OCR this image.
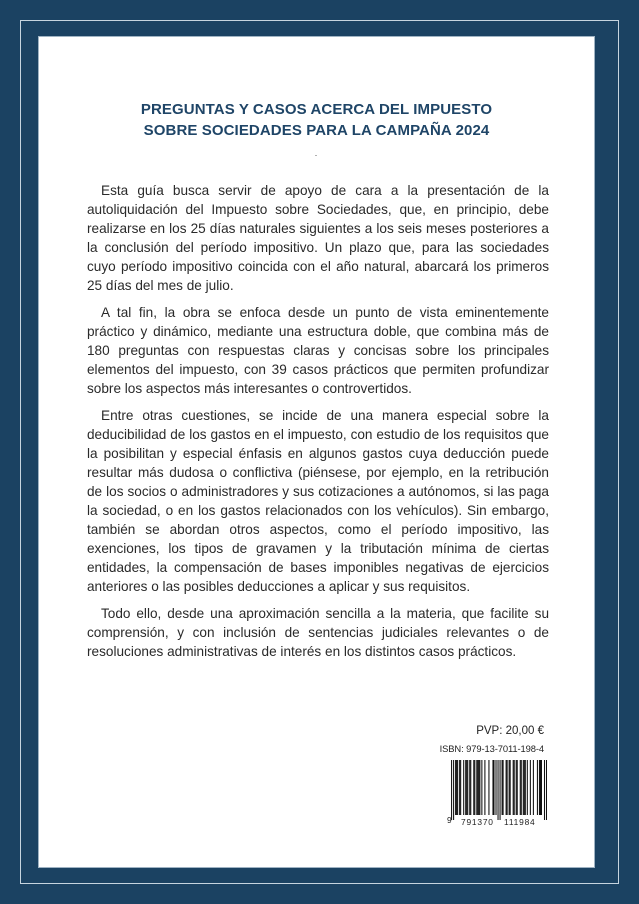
PREGUNTAS Y CASOS ACERCA DEL IMPUESTO
SOBRE SOCIEDADES PARA LA CAMPAÑA 2024

Esta guía busca servir de apoyo de cara a la presentación de la autoliquidación del Impuesto sobre Sociedades, que, en principio, debe realizarse en los 25 días naturales siguientes a los seis meses posteriores a la conclusión del período impositivo. Un plazo que, para las sociedades cuyo período impositivo coincida con el año natural, abarcará los primeros 25 días del mes de julio.

A tal fin, la obra se enfoca desde un punto de vista eminentemente práctico y dinámico, mediante una estructura doble, que combina más de 180 preguntas con respuestas claras y concisas sobre los principales elementos del impuesto, con 39 casos prácticos que permiten profundizar sobre los aspectos más interesantes o controvertidos.

Entre otras cuestiones, se incide de una manera especial sobre la deducibilidad de los gastos en el impuesto, con estudio de los requisitos que la posibilitan y especial énfasis en algunos gastos cuya deducción puede resultar más dudosa o conflictiva (piénsese, por ejemplo, en la retribución de los socios o administradores y sus cotizaciones a autónomos, si las paga la sociedad, o en los gastos relacionados con los vehículos). Sin embargo, también se abordan otros aspectos, como el período impositivo, las exenciones, los tipos de gravamen y la tributación mínima de ciertas entidades, la compensación de bases imponibles negativas de ejercicios anteriores o las posibles deducciones a aplicar y sus requisitos.

Todo ello, desde una aproximación sencilla a la materia, que facilite su comprensión, y con inclusión de sentencias judiciales relevantes o de resoluciones administrativas de interés en los distintos casos prácticos.

PVP: 20,00 €
ISBN: 979-13-7011-198-4
9 791370 111984
